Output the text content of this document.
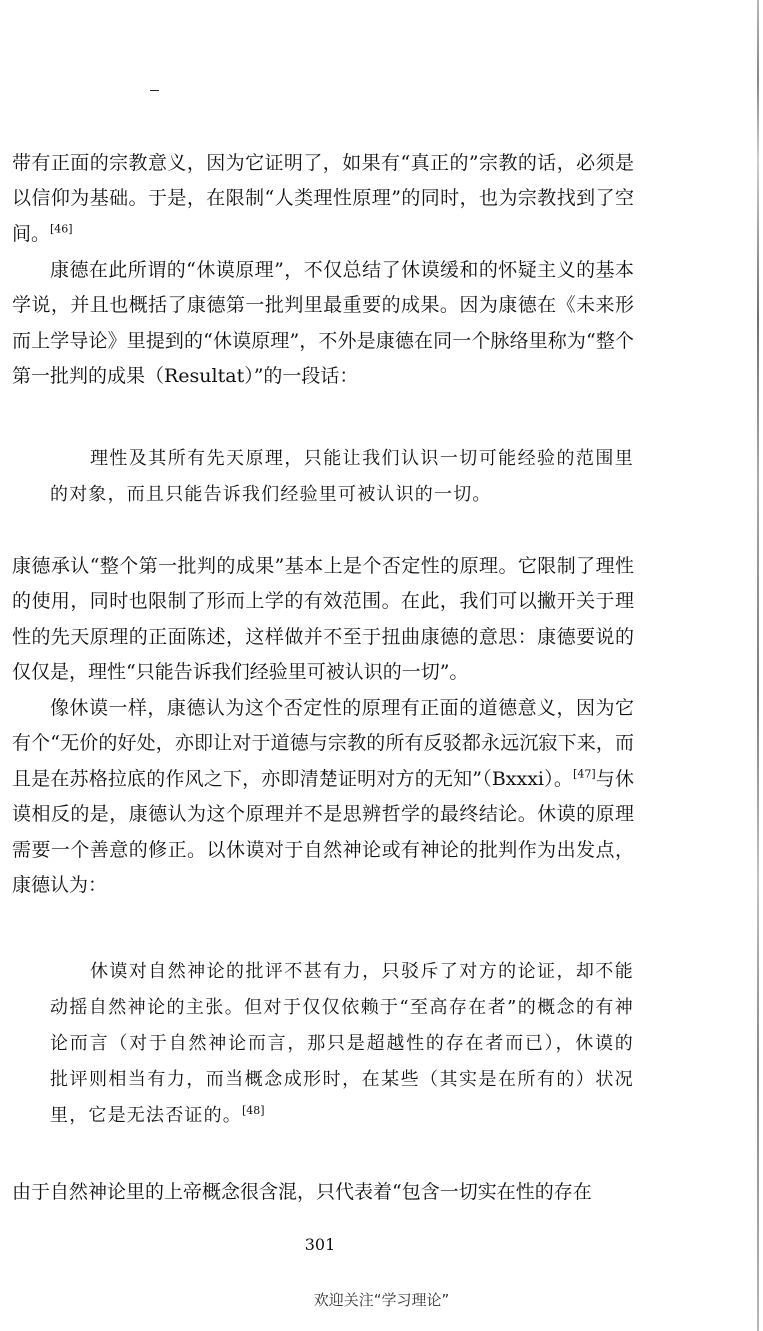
带有正面的宗教意义，因为它证明了，如果有“真正的”宗教的话，必须是以信仰为基础。于是，在限制“人类理性原理”的同时，也为宗教找到了空间。[46]

康德在此所谓的“休谟原理”，不仅总结了休谟缓和的怀疑主义的基本学说，并且也概括了康德第一批判里最重要的成果。因为康德在《未来形而上学导论》里提到的“休谟原理”，不外是康德在同一个脉络里称为“整个第一批判的成果（Resultat）”的一段话：

理性及其所有先天原理，只能让我们认识一切可能经验的范围里的对象，而且只能告诉我们经验里可被认识的一切。

康德承认“整个第一批判的成果”基本上是个否定性的原理。它限制了理性的使用，同时也限制了形而上学的有效范围。在此，我们可以撇开关于理性的先天原理的正面陈述，这样做并不至于扭曲康德的意思：康德要说的仅仅是，理性“只能告诉我们经验里可被认识的一切”。

像休谟一样，康德认为这个否定性的原理有正面的道德意义，因为它有个“无价的好处，亦即让对于道德与宗教的所有反驳都永远沉寂下来，而且是在苏格拉底的作风之下，亦即清楚证明对方的无知”（Bxxxi）。[47]与休谟相反的是，康德认为这个原理并不是思辨哲学的最终结论。休谟的原理需要一个善意的修正。以休谟对于自然神论或有神论的批判作为出发点，康德认为：

休谟对自然神论的批评不甚有力，只驳斥了对方的论证，却不能动摇自然神论的主张。但对于仅仅依赖于“至高存在者”的概念的有神论而言（对于自然神论而言，那只是超越性的存在者而已），休谟的批评则相当有力，而当概念成形时，在某些（其实是在所有的）状况里，它是无法否证的。[48]

由于自然神论里的上帝概念很含混，只代表着“包含一切实在性的存在

301
欢迎关注“学习理论”
